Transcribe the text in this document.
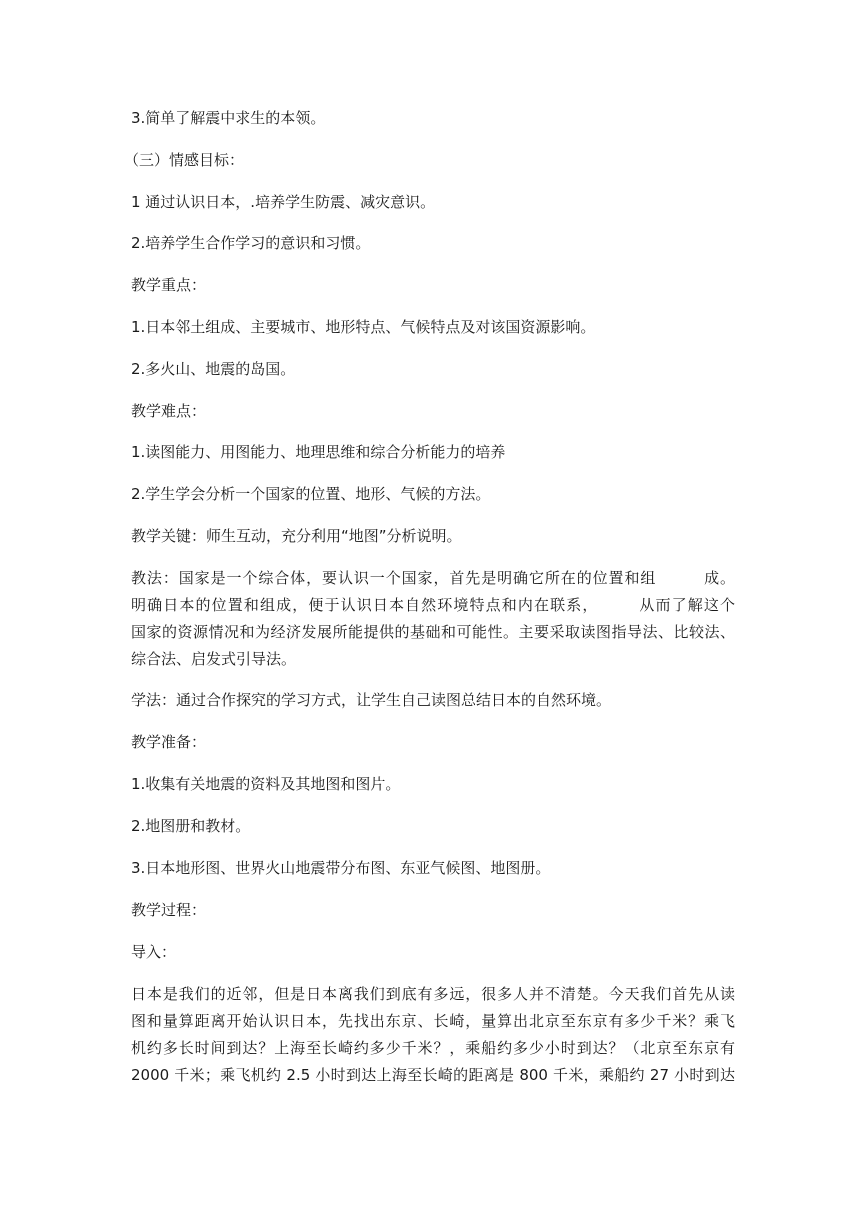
3.简单了解震中求生的本领。

（三）情感目标：

1 通过认识日本，.培养学生防震、减灾意识。

2.培养学生合作学习的意识和习惯。

教学重点：

1.日本邻土组成、主要城市、地形特点、气候特点及对该国资源影响。

2.多火山、地震的岛国。

教学难点：

1.读图能力、用图能力、地理思维和综合分析能力的培养

2.学生学会分析一个国家的位置、地形、气候的方法。

教学关键：师生互动，充分利用“地图”分析说明。

教法：国家是一个综合体，要认识一个国家，首先是明确它所在的位置和组　　　成。
明确日本的位置和组成，便于认识日本自然环境特点和内在联系，　　　从而了解这个
国家的资源情况和为经济发展所能提供的基础和可能性。主要采取读图指导法、比较法、
综合法、启发式引导法。

学法：通过合作探究的学习方式，让学生自己读图总结日本的自然环境。

教学准备：

1.收集有关地震的资料及其地图和图片。

2.地图册和教材。

3.日本地形图、世界火山地震带分布图、东亚气候图、地图册。

教学过程：

导入：

日本是我们的近邻，但是日本离我们到底有多远，很多人并不清楚。今天我们首先从读
图和量算距离开始认识日本，先找出东京、长崎，量算出北京至东京有多少千米？乘飞
机约多长时间到达？上海至长崎约多少千米？，乘船约多少小时到达？（北京至东京有
2000 千米；乘飞机约 2.5 小时到达上海至长崎的距离是 800 千米，乘船约 27 小时到达
